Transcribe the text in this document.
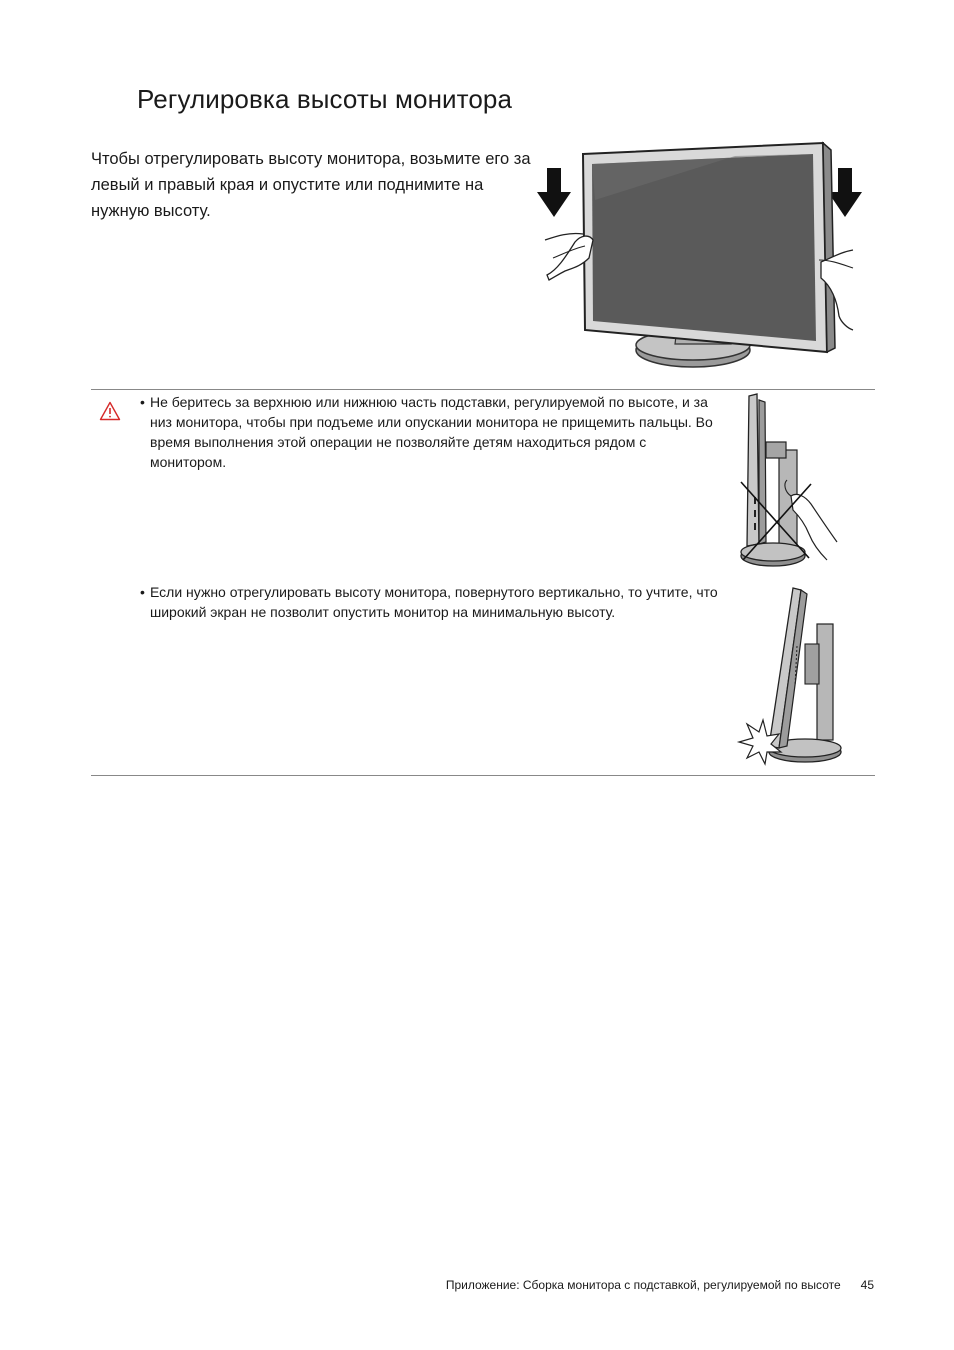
Регулировка высоты монитора

Чтобы отрегулировать высоту монитора, возьмите его за левый и правый края и опустите или поднимите на нужную высоту.

• Не беритесь за верхнюю или нижнюю часть подставки, регулируемой по высоте, и за низ монитора, чтобы при подъеме или опускании монитора не прищемить пальцы. Во время выполнения этой операции не позволяйте детям находиться рядом с монитором.
• Если нужно отрегулировать высоту монитора, повернутого вертикально, то учтите, что широкий экран не позволит опустить монитор на минимальную высоту.
Приложение: Сборка монитора с подставкой, регулируемой по высоте 45
